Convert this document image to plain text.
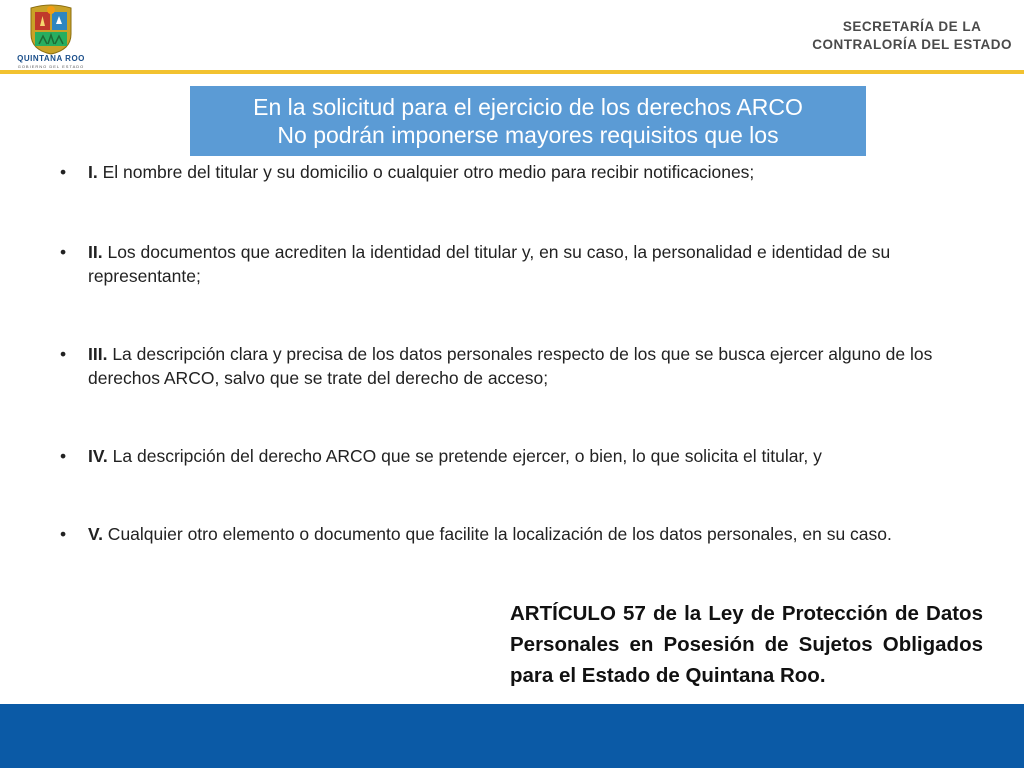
QUINTANA ROO
GOBIERNO DEL ESTADO
SECRETARÍA DE LA
CONTRALORÍA DEL ESTADO
En la solicitud para el ejercicio de los derechos ARCO
No podrán imponerse mayores requisitos que los
•	I. El nombre del titular y su domicilio o cualquier otro medio para recibir notificaciones;
•	II. Los documentos que acrediten la identidad del titular y, en su caso, la personalidad e identidad de su representante;
•	III. La descripción clara y precisa de los datos personales respecto de los que se busca ejercer alguno de los derechos ARCO, salvo que se trate del derecho de acceso;
•	IV. La descripción del derecho ARCO que se pretende ejercer, o bien, lo que solicita el titular, y
•	V. Cualquier otro elemento o documento que facilite la localización de los datos personales, en su caso.
ARTÍCULO 57 de la Ley de Protección de Datos Personales en Posesión de Sujetos Obligados para el Estado de Quintana Roo.
